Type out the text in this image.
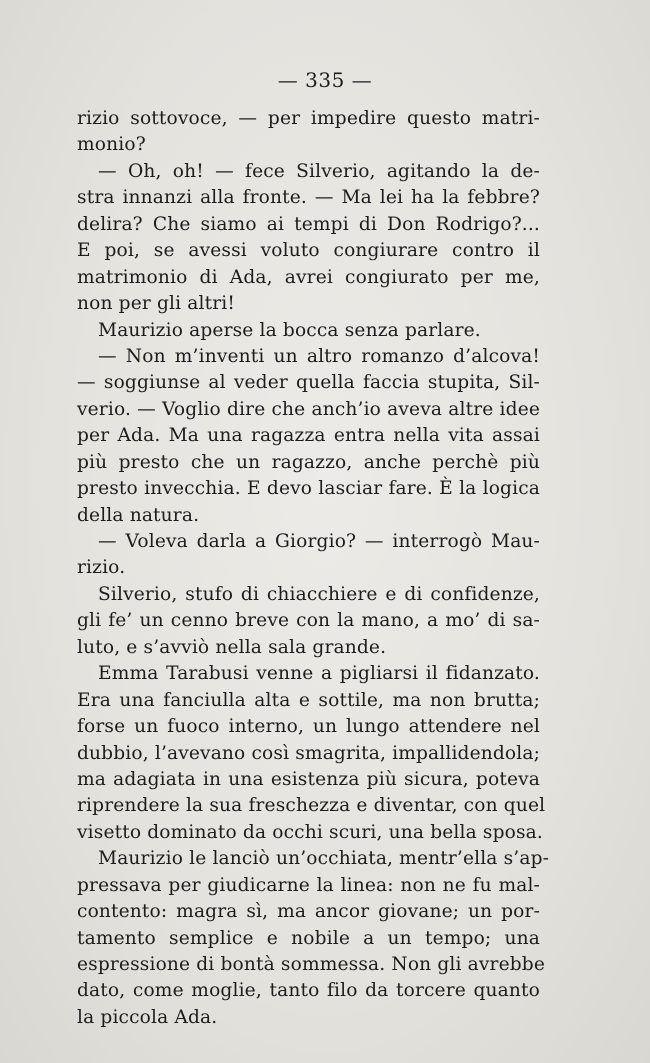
— 335 —
rizio sottovoce, — per impedire questo matri-
monio?
— Oh, oh! — fece Silverio, agitando la de-
stra innanzi alla fronte. — Ma lei ha la febbre?
delira? Che siamo ai tempi di Don Rodrigo?...
E poi, se avessi voluto congiurare contro il
matrimonio di Ada, avrei congiurato per me,
non per gli altri!
Maurizio aperse la bocca senza parlare.
— Non m’inventi un altro romanzo d’alcova!
— soggiunse al veder quella faccia stupita, Sil-
verio. — Voglio dire che anch’io aveva altre idee
per Ada. Ma una ragazza entra nella vita assai
più presto che un ragazzo, anche perchè più
presto invecchia. E devo lasciar fare. È la logica
della natura.
— Voleva darla a Giorgio? — interrogò Mau-
rizio.
Silverio, stufo di chiacchiere e di confidenze,
gli fe’ un cenno breve con la mano, a mo’ di sa-
luto, e s’avviò nella sala grande.
Emma Tarabusi venne a pigliarsi il fidanzato.
Era una fanciulla alta e sottile, ma non brutta;
forse un fuoco interno, un lungo attendere nel
dubbio, l’avevano così smagrita, impallidendola;
ma adagiata in una esistenza più sicura, poteva
riprendere la sua freschezza e diventar, con quel
visetto dominato da occhi scuri, una bella sposa.
Maurizio le lanciò un’occhiata, mentr’ella s’ap-
pressava per giudicarne la linea: non ne fu mal-
contento: magra sì, ma ancor giovane; un por-
tamento semplice e nobile a un tempo; una
espressione di bontà sommessa. Non gli avrebbe
dato, come moglie, tanto filo da torcere quanto
la piccola Ada.
